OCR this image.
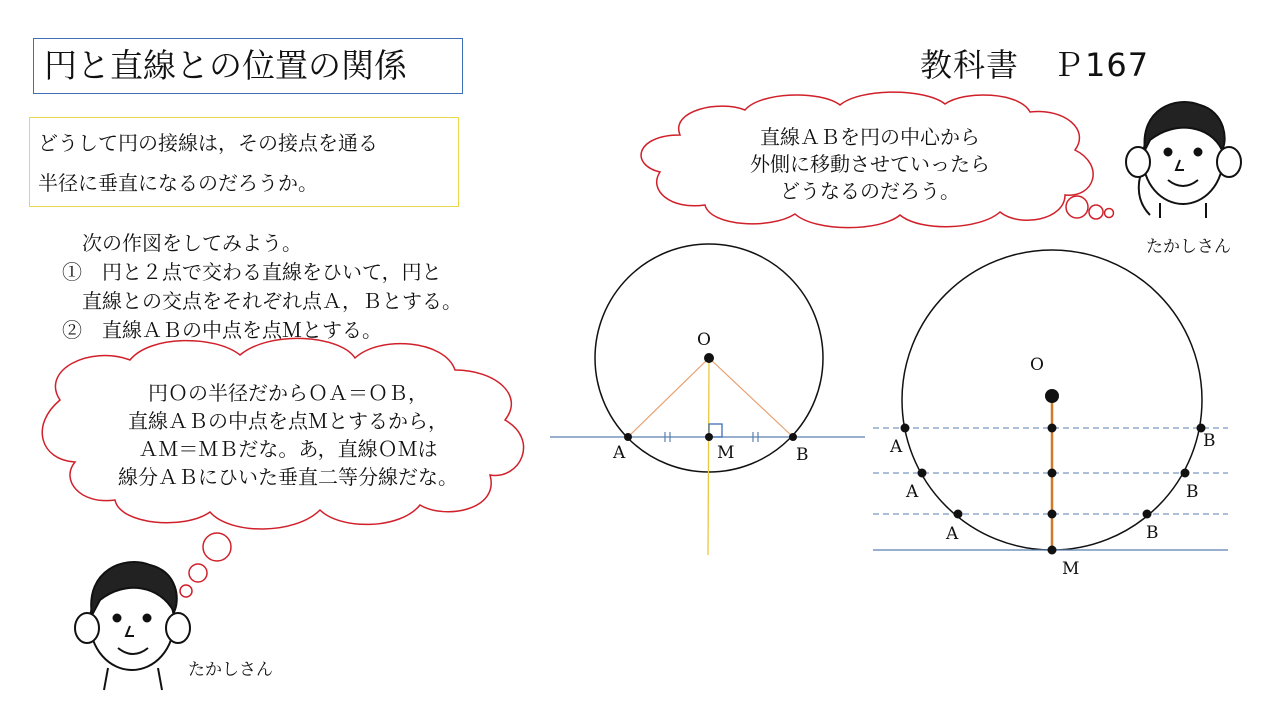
O
A	M	B
O
A
A
A
B
B
B
M
円と直線との位置の関係	教科書　Ｐ167
どうして円の接線は，その接点を通る
半径に垂直になるのだろうか。
　次の作図をしてみよう。
①　円と２点で交わる直線をひいて，円と
　直線との交点をそれぞれ点Ａ，Ｂとする。
②　直線ＡＢの中点を点Ｍとする。
円Ｏの半径だからＯＡ＝ＯＢ，
直線ＡＢの中点を点Ｍとするから，
ＡＭ＝ＭＢだな。あ，直線ＯＭは
線分ＡＢにひいた垂直二等分線だな。
直線ＡＢを円の中心から
外側に移動させていったら
どうなるのだろう。
たかしさん
たかしさん
